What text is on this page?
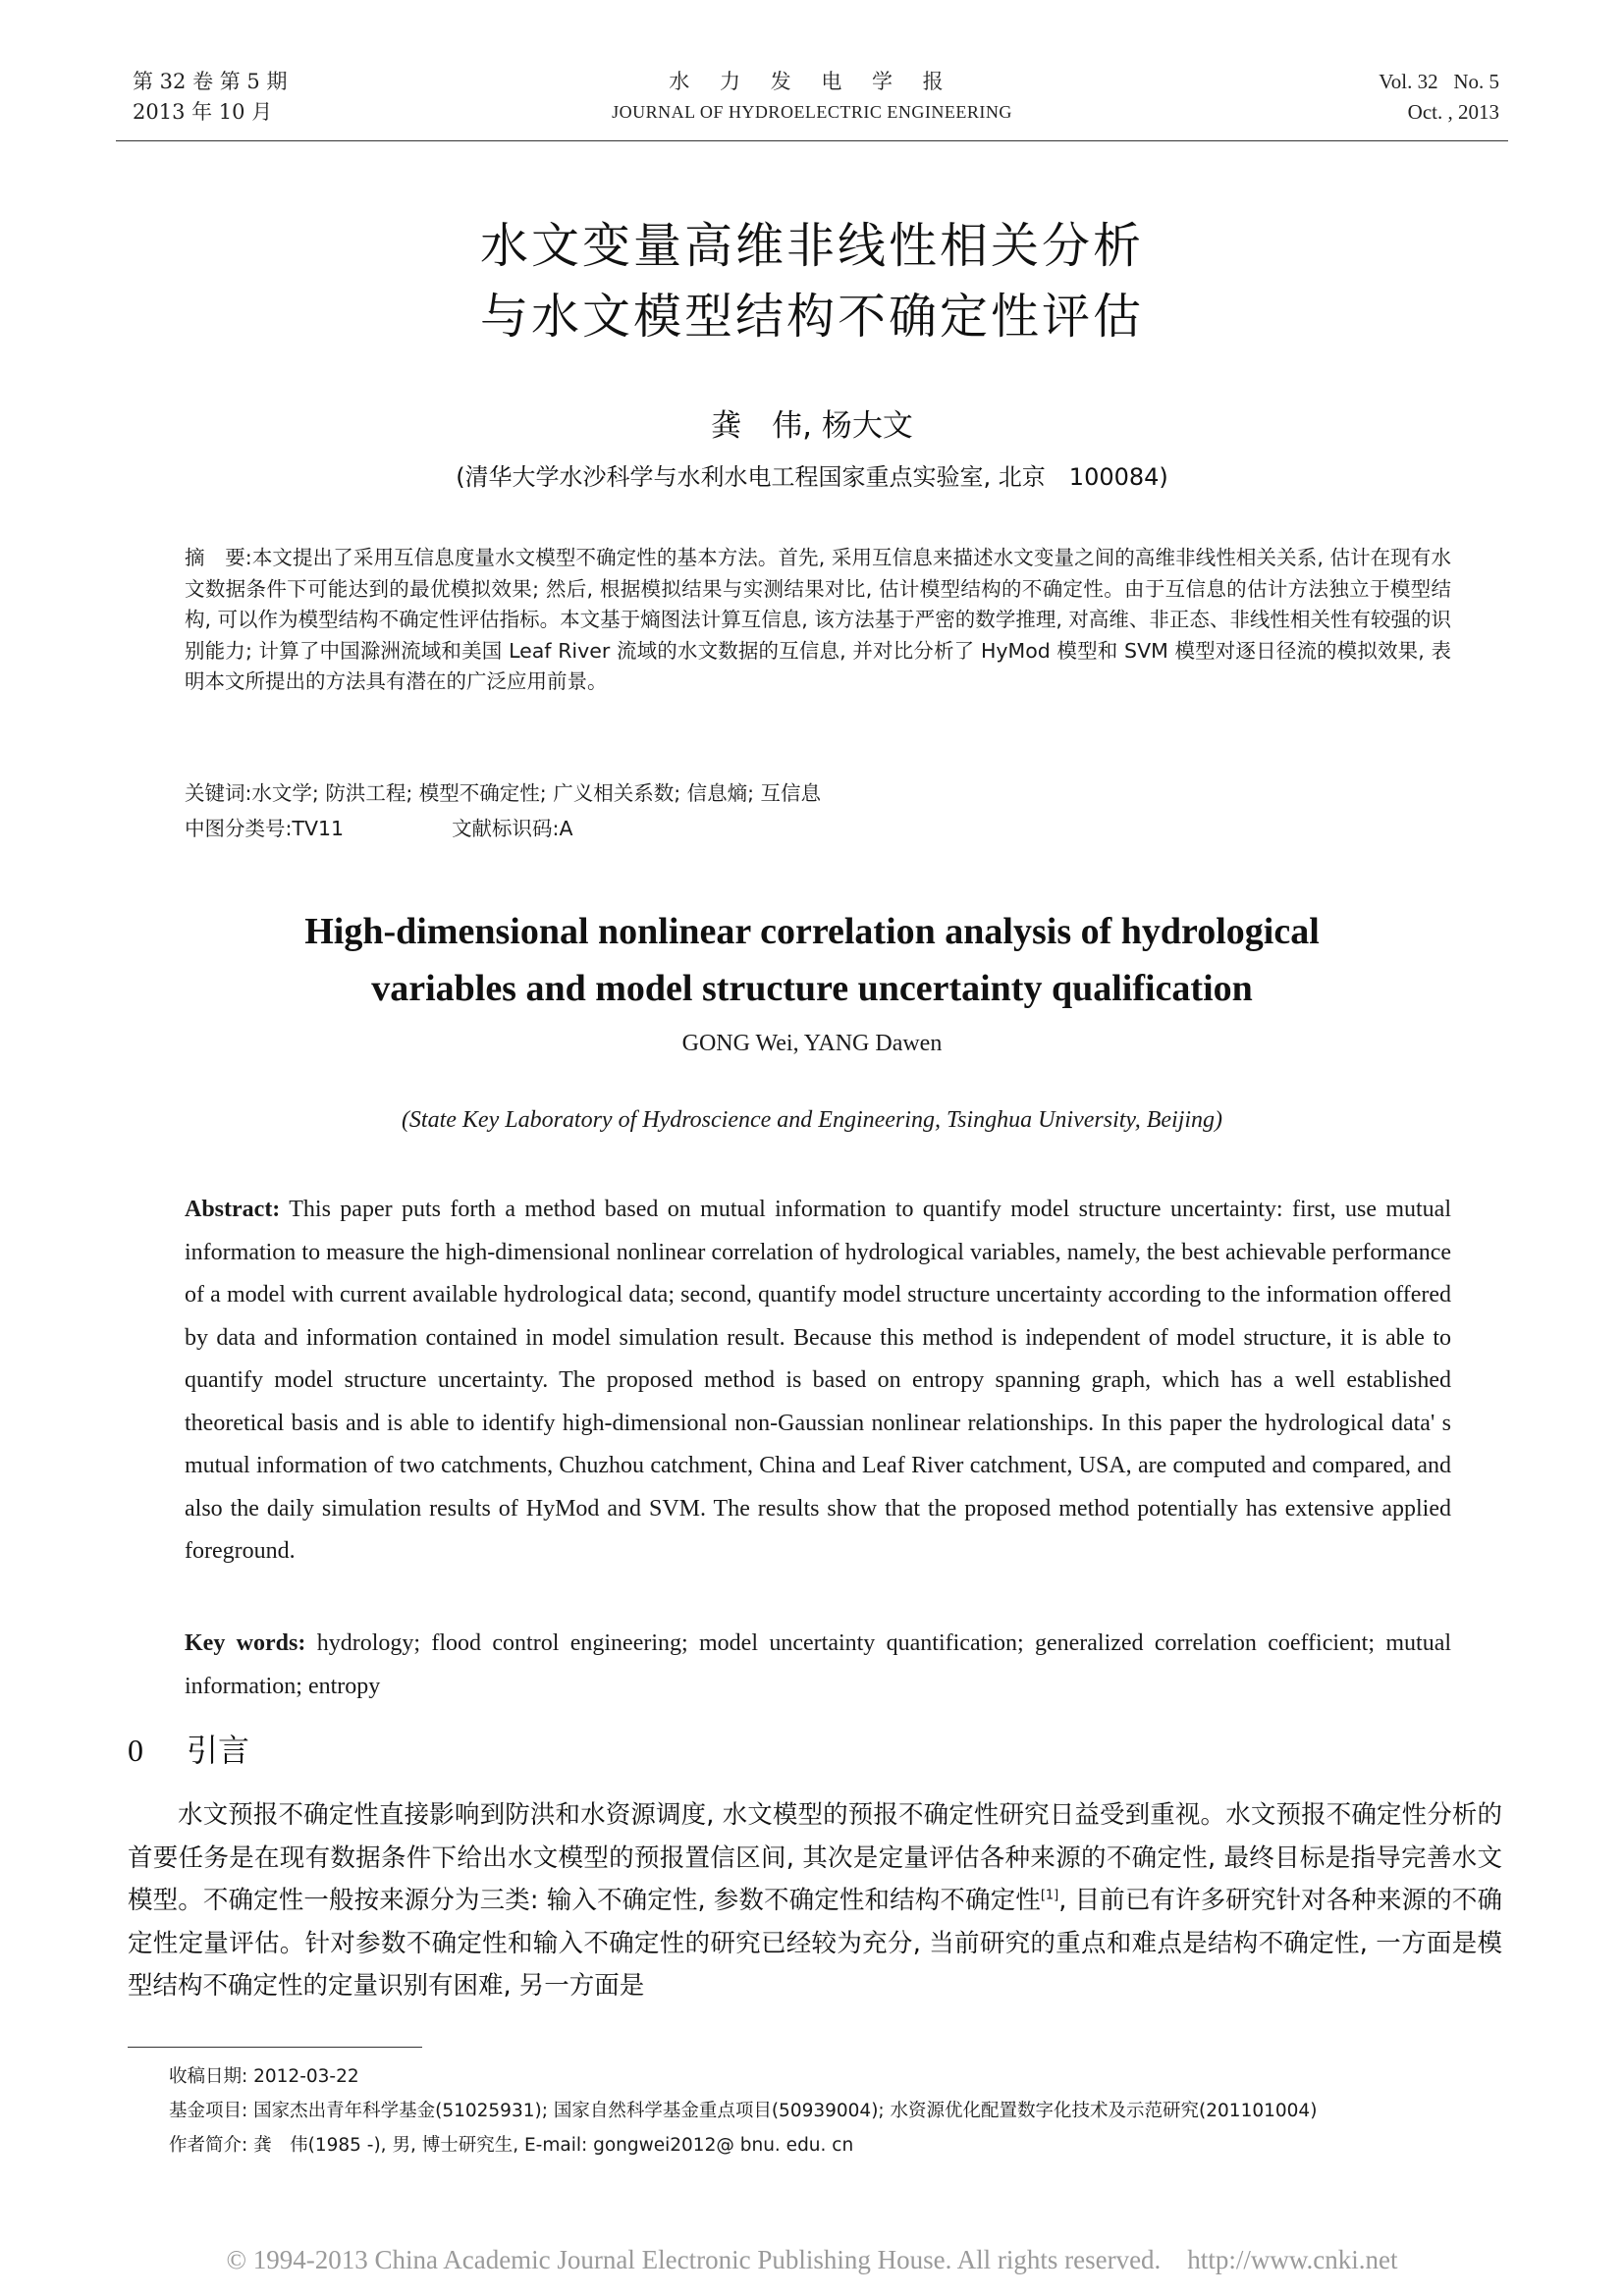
第 32 卷 第 5 期
2013 年 10 月
水 力 发 电 学 报
JOURNAL OF HYDROELECTRIC ENGINEERING
Vol. 32   No. 5
Oct. , 2013
水文变量高维非线性相关分析
与水文模型结构不确定性评估
龚　伟, 杨大文
(清华大学水沙科学与水利水电工程国家重点实验室, 北京　100084)
摘　要:本文提出了采用互信息度量水文模型不确定性的基本方法。首先, 采用互信息来描述水文变量之间的高维非线性相关关系, 估计在现有水文数据条件下可能达到的最优模拟效果; 然后, 根据模拟结果与实测结果对比, 估计模型结构的不确定性。由于互信息的估计方法独立于模型结构, 可以作为模型结构不确定性评估指标。本文基于熵图法计算互信息, 该方法基于严密的数学推理, 对高维、非正态、非线性相关性有较强的识别能力; 计算了中国滁洲流域和美国 Leaf River 流域的水文数据的互信息, 并对比分析了 HyMod 模型和 SVM 模型对逐日径流的模拟效果, 表明本文所提出的方法具有潜在的广泛应用前景。
关键词:水文学; 防洪工程; 模型不确定性; 广义相关系数; 信息熵; 互信息
中图分类号:TV11	文献标识码:A
High-dimensional nonlinear correlation analysis of hydrological
variables and model structure uncertainty qualification
GONG Wei, YANG Dawen
(State Key Laboratory of Hydroscience and Engineering, Tsinghua University, Beijing)
Abstract: This paper puts forth a method based on mutual information to quantify model structure uncertainty: first, use mutual information to measure the high-dimensional nonlinear correlation of hydrological variables, namely, the best achievable performance of a model with current available hydrological data; second, quantify model structure uncertainty according to the information offered by data and information contained in model simulation result. Because this method is independent of model structure, it is able to quantify model structure uncertainty. The proposed method is based on entropy spanning graph, which has a well established theoretical basis and is able to identify high-dimensional non-Gaussian nonlinear relationships. In this paper the hydrological data' s mutual information of two catchments, Chuzhou catchment, China and Leaf River catchment, USA, are computed and compared, and also the daily simulation results of HyMod and SVM. The results show that the proposed method potentially has extensive applied foreground.
Key words: hydrology; flood control engineering; model uncertainty quantification; generalized correlation coefficient; mutual information; entropy
0 引言
水文预报不确定性直接影响到防洪和水资源调度, 水文模型的预报不确定性研究日益受到重视。水文预报不确定性分析的首要任务是在现有数据条件下给出水文模型的预报置信区间, 其次是定量评估各种来源的不确定性, 最终目标是指导完善水文模型。不确定性一般按来源分为三类: 输入不确定性, 参数不确定性和结构不确定性[1], 目前已有许多研究针对各种来源的不确定性定量评估。针对参数不确定性和输入不确定性的研究已经较为充分, 当前研究的重点和难点是结构不确定性, 一方面是模型结构不确定性的定量识别有困难, 另一方面是
收稿日期: 2012-03-22
基金项目: 国家杰出青年科学基金(51025931); 国家自然科学基金重点项目(50939004); 水资源优化配置数字化技术及示范研究(201101004)
作者简介: 龚　伟(1985 -), 男, 博士研究生, E-mail: gongwei2012@ bnu. edu. cn
© 1994-2013 China Academic Journal Electronic Publishing House. All rights reserved.    http://www.cnki.net
